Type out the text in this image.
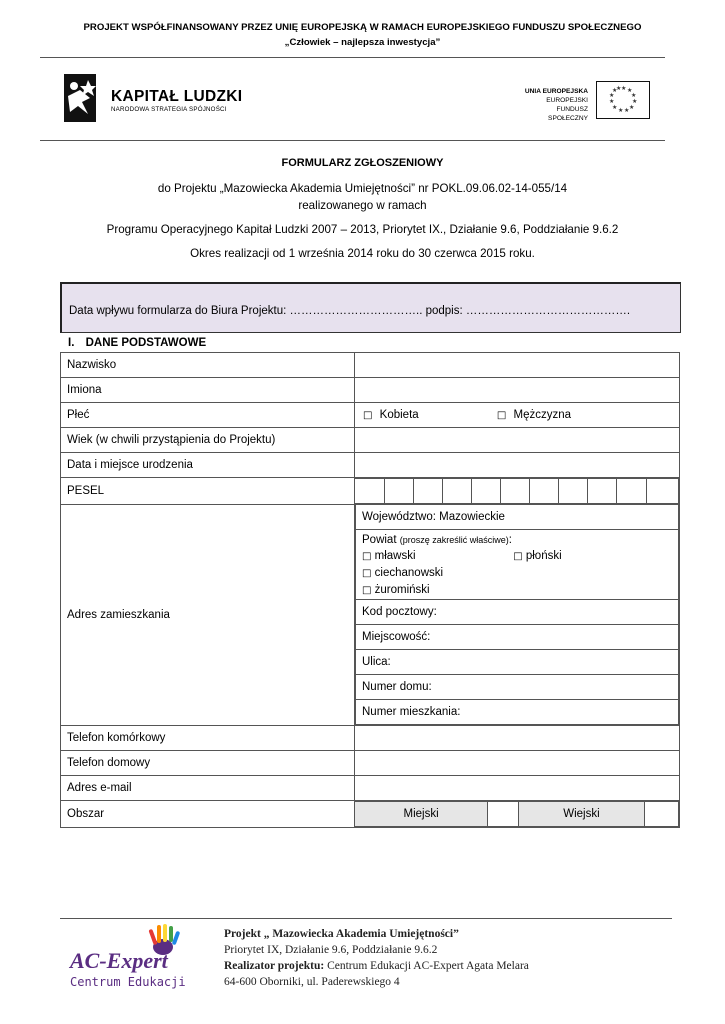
PROJEKT WSPÓŁFINANSOWANY PRZEZ UNIĘ EUROPEJSKĄ W RAMACH EUROPEJSKIEGO FUNDUSZU SPOŁECZNEGO
„Człowiek – najlepsza inwestycja”
KAPITAŁ LUDZKI
NARODOWA STRATEGIA SPÓJNOŚCI
UNIA EUROPEJSKA
EUROPEJSKI
FUNDUSZ SPOŁECZNY
★ ★
★
★
★
★
★
★
★
★
★
★
FORMULARZ ZGŁOSZENIOWY
do Projektu „Mazowiecka Akademia Umiejętności” nr POKL.09.06.02-14-055/14
realizowanego w ramach
Programu Operacyjnego Kapitał Ludzki 2007 – 2013, Priorytet IX., Działanie 9.6, Poddziałanie 9.6.2
Okres realizacji od 1 września 2014 roku do 30 czerwca 2015 roku.
Data wpływu formularza do Biura Projektu: …………………………….. podpis: …………………………………….
I. DANE PODSTAWOWE
Nazwisko	
Imiona	
Płeć	□ Kobieta	□ Mężczyzna
Wiek (w chwili przystąpienia do Projektu)	
Data i miejsce urodzenia	
PESEL	

Adres zamieszkania	
Województwo: Mazowieckie

Powiat (proszę zakreślić właściwe):
□ mławski	□ płoński
□ ciechanowski
□ żuromiński

Kod pocztowy:
Miejscowość:
Ulica:
Numer domu:
Numer mieszkania:

Telefon komórkowy	
Telefon domowy	
Adres e-mail	
Obszar		Miejski		Wiejski	
AC-Expert
Centrum Edukacji
Projekt „ Mazowiecka Akademia Umiejętności”
Priorytet IX, Działanie 9.6, Poddziałanie 9.6.2
Realizator projektu: Centrum Edukacji AC-Expert Agata Melara
64-600 Oborniki, ul. Paderewskiego 4
